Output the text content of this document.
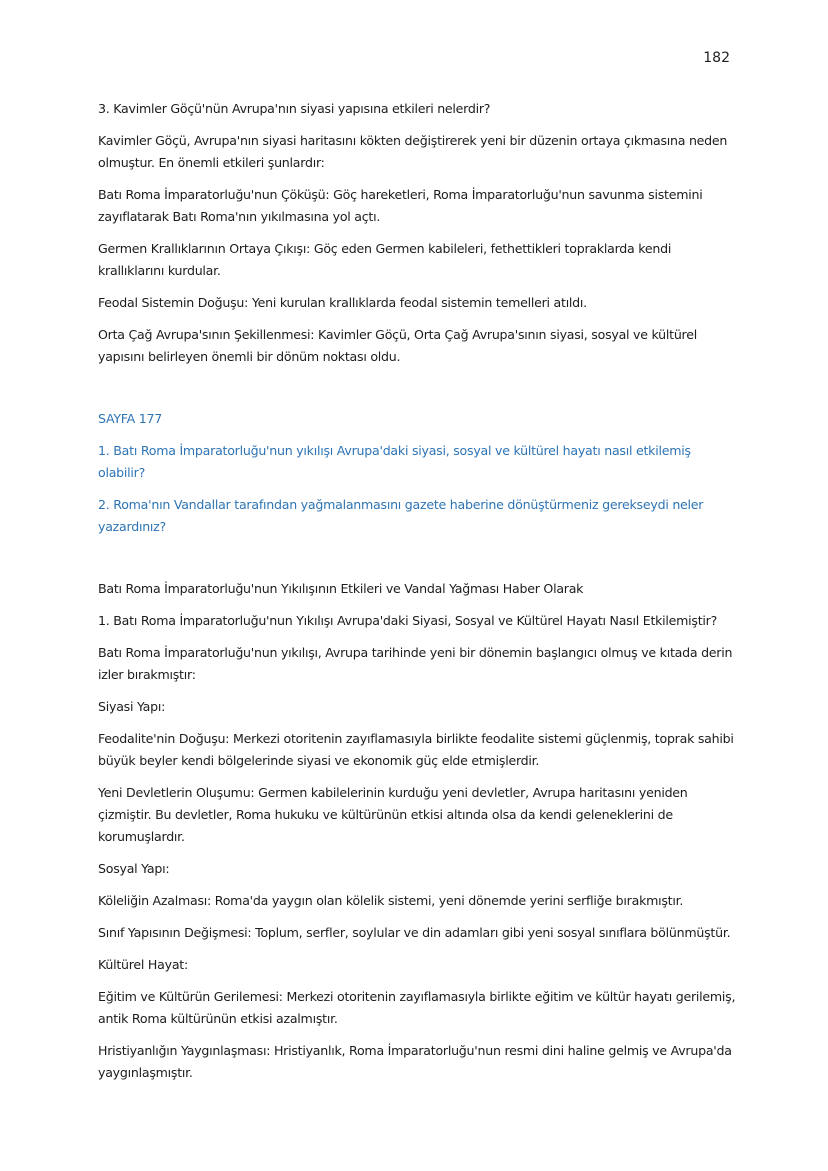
182

3. Kavimler Göçü'nün Avrupa'nın siyasi yapısına etkileri nelerdir?

Kavimler Göçü, Avrupa'nın siyasi haritasını kökten değiştirerek yeni bir düzenin ortaya çıkmasına neden olmuştur. En önemli etkileri şunlardır:

Batı Roma İmparatorluğu'nun Çöküşü: Göç hareketleri, Roma İmparatorluğu'nun savunma sistemini zayıflatarak Batı Roma'nın yıkılmasına yol açtı.

Germen Krallıklarının Ortaya Çıkışı: Göç eden Germen kabileleri, fethettikleri topraklarda kendi krallıklarını kurdular.

Feodal Sistemin Doğuşu: Yeni kurulan krallıklarda feodal sistemin temelleri atıldı.

Orta Çağ Avrupa'sının Şekillenmesi: Kavimler Göçü, Orta Çağ Avrupa'sının siyasi, sosyal ve kültürel yapısını belirleyen önemli bir dönüm noktası oldu.

SAYFA 177

1. Batı Roma İmparatorluğu'nun yıkılışı Avrupa'daki siyasi, sosyal ve kültürel hayatı nasıl etkilemiş olabilir?

2. Roma'nın Vandallar tarafından yağmalanmasını gazete haberine dönüştürmeniz gerekseydi neler yazardınız?

Batı Roma İmparatorluğu'nun Yıkılışının Etkileri ve Vandal Yağması Haber Olarak

1. Batı Roma İmparatorluğu'nun Yıkılışı Avrupa'daki Siyasi, Sosyal ve Kültürel Hayatı Nasıl Etkilemiştir?

Batı Roma İmparatorluğu'nun yıkılışı, Avrupa tarihinde yeni bir dönemin başlangıcı olmuş ve kıtada derin izler bırakmıştır:

Siyasi Yapı:

Feodalite'nin Doğuşu: Merkezi otoritenin zayıflamasıyla birlikte feodalite sistemi güçlenmiş, toprak sahibi büyük beyler kendi bölgelerinde siyasi ve ekonomik güç elde etmişlerdir.

Yeni Devletlerin Oluşumu: Germen kabilelerinin kurduğu yeni devletler, Avrupa haritasını yeniden çizmiştir. Bu devletler, Roma hukuku ve kültürünün etkisi altında olsa da kendi geleneklerini de korumuşlardır.

Sosyal Yapı:

Köleliğin Azalması: Roma'da yaygın olan kölelik sistemi, yeni dönemde yerini serfliğe bırakmıştır.

Sınıf Yapısının Değişmesi: Toplum, serfler, soylular ve din adamları gibi yeni sosyal sınıflara bölünmüştür.

Kültürel Hayat:

Eğitim ve Kültürün Gerilemesi: Merkezi otoritenin zayıflamasıyla birlikte eğitim ve kültür hayatı gerilemiş, antik Roma kültürünün etkisi azalmıştır.

Hristiyanlığın Yaygınlaşması: Hristiyanlık, Roma İmparatorluğu'nun resmi dini haline gelmiş ve Avrupa'da yaygınlaşmıştır.
